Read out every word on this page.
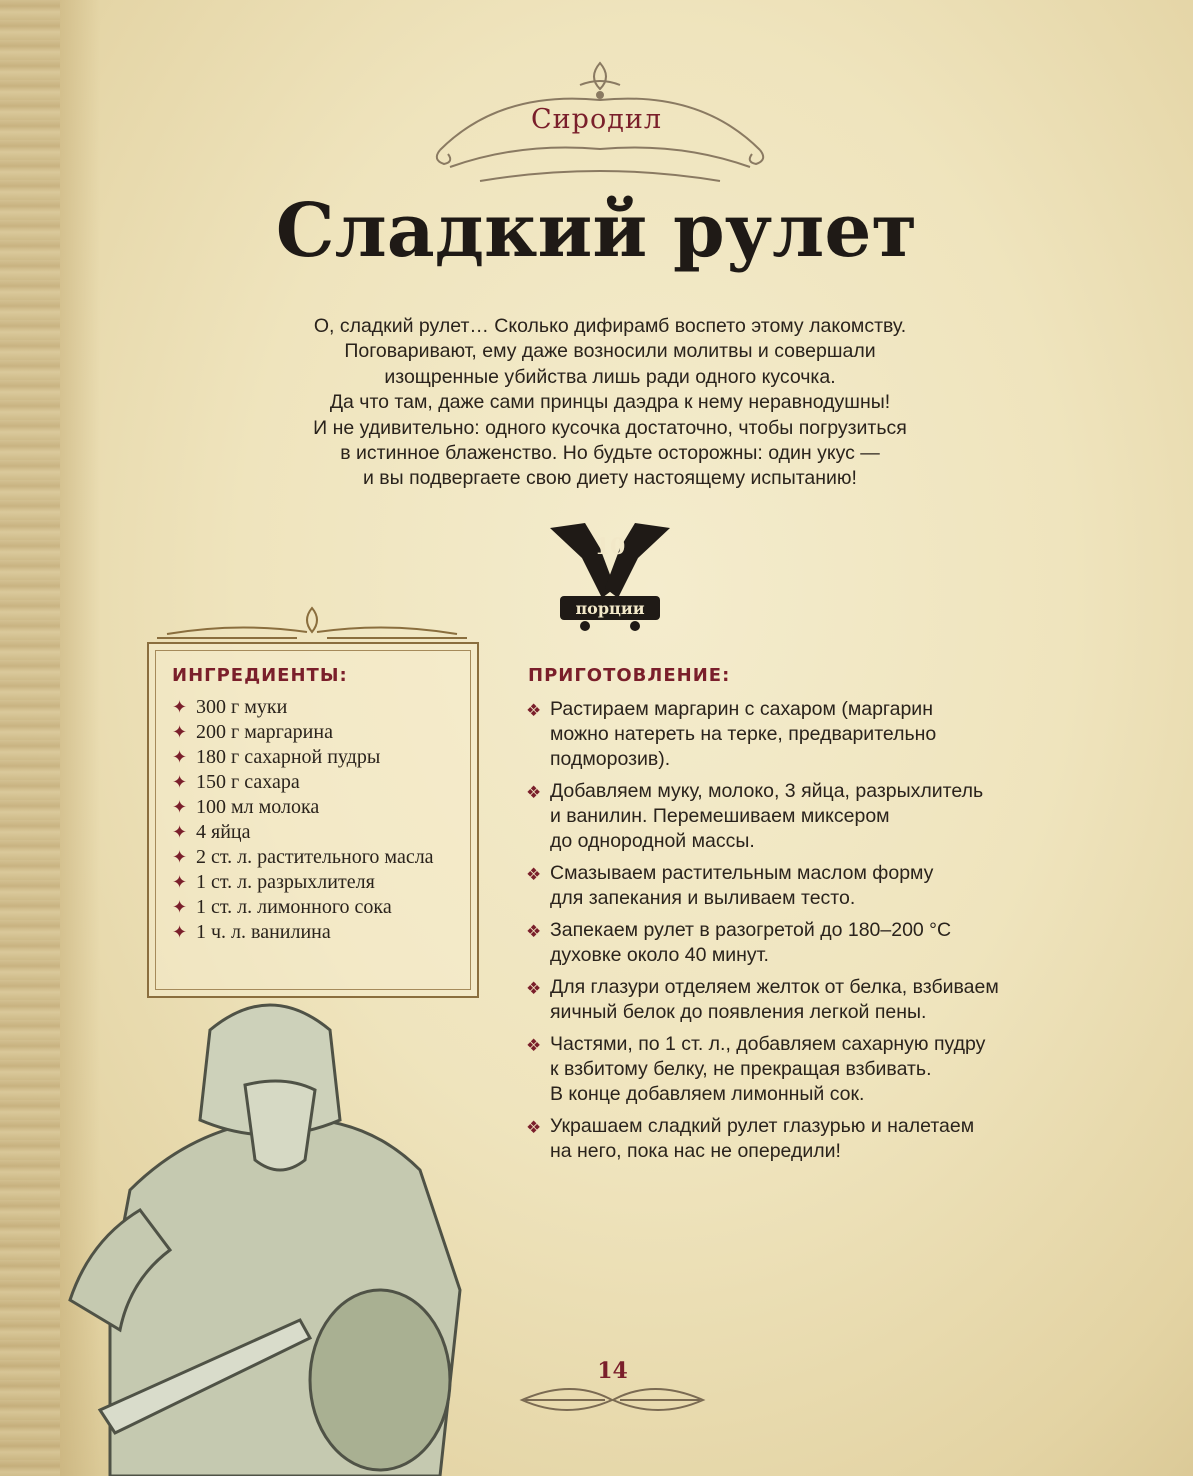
Сиродил
Сладкий рулет
О, сладкий рулет… Сколько дифирамб воспето этому лакомству.
Поговаривают, ему даже возносили молитвы и совершали
изощренные убийства лишь ради одного кусочка.
Да что там, даже сами принцы даэдра к нему неравнодушны!
И не удивительно: одного кусочка достаточно, чтобы погрузиться
в истинное блаженство. Но будьте осторожны: один укус —
и вы подвергаете свою диету настоящему испытанию!
10
порции
ИНГРЕДИЕНТЫ:
✦ 300 г муки
✦ 200 г маргарина
✦ 180 г сахарной пудры
✦ 150 г сахара
✦ 100 мл молока
✦ 4 яйца
✦ 2 ст. л. растительного масла
✦ 1 ст. л. разрыхлителя
✦ 1 ст. л. лимонного сока
✦ 1 ч. л. ванилина
ПРИГОТОВЛЕНИЕ:
❖ Растираем маргарин с сахаром (маргарин
можно натереть на терке, предварительно
подморозив).
❖ Добавляем муку, молоко, 3 яйца, разрыхлитель
и ванилин. Перемешиваем миксером
до однородной массы.
❖ Смазываем растительным маслом форму
для запекания и выливаем тесто.
❖ Запекаем рулет в разогретой до 180–200 °С
духовке около 40 минут.
❖ Для глазури отделяем желток от белка, взбиваем
яичный белок до появления легкой пены.
❖ Частями, по 1 ст. л., добавляем сахарную пудру
к взбитому белку, не прекращая взбивать.
В конце добавляем лимонный сок.
❖ Украшаем сладкий рулет глазурью и налетаем
на него, пока нас не опередили!
14
